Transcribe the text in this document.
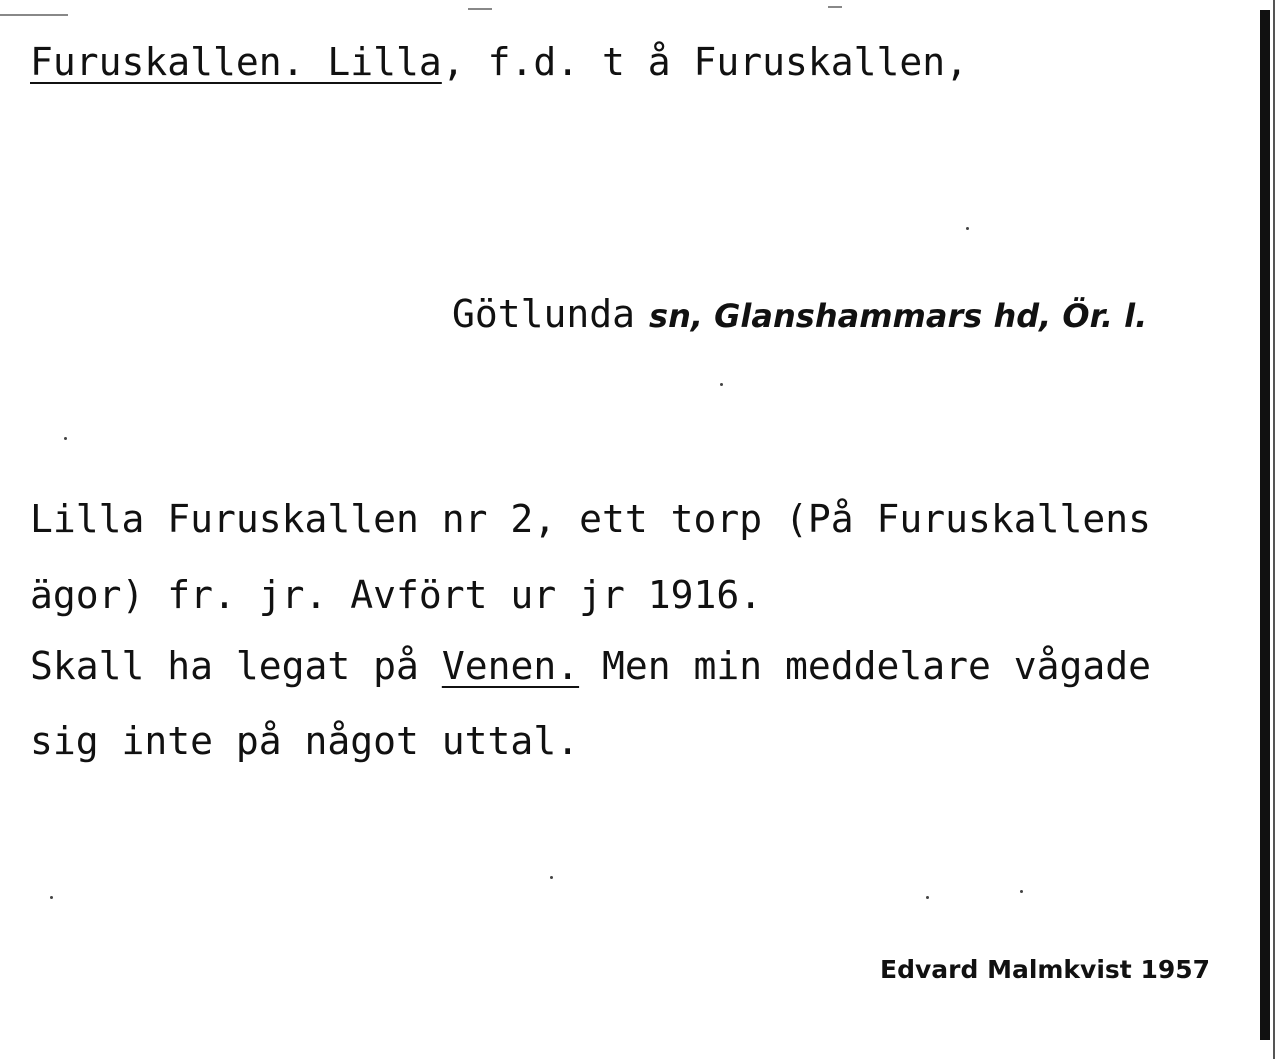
Furuskallen. Lilla, f.d. t å Furuskallen,
Götlunda sn, Glanshammars hd, Ör. l.
Lilla Furuskallen nr 2, ett torp (På Furuskallens
ägor) fr. jr. Avfört ur jr 1916.
Skall ha legat på Venen. Men min meddelare vågade
sig inte på något uttal.
Edvard Malmkvist 1957
